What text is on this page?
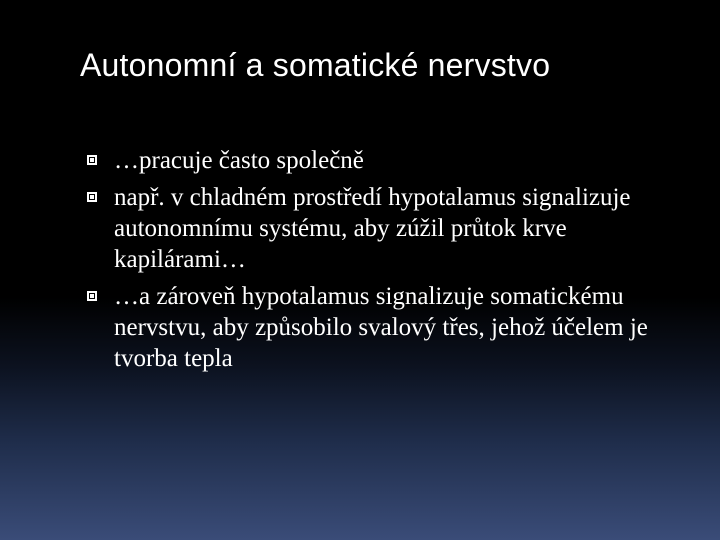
Autonomní a somatické nervstvo
…pracuje často společně
např. v chladném prostředí hypotalamus signalizuje autonomnímu systému, aby zúžil průtok krve kapilárami…
…a zároveň hypotalamus signalizuje somatickému nervstvu, aby způsobilo svalový třes, jehož účelem je tvorba tepla
